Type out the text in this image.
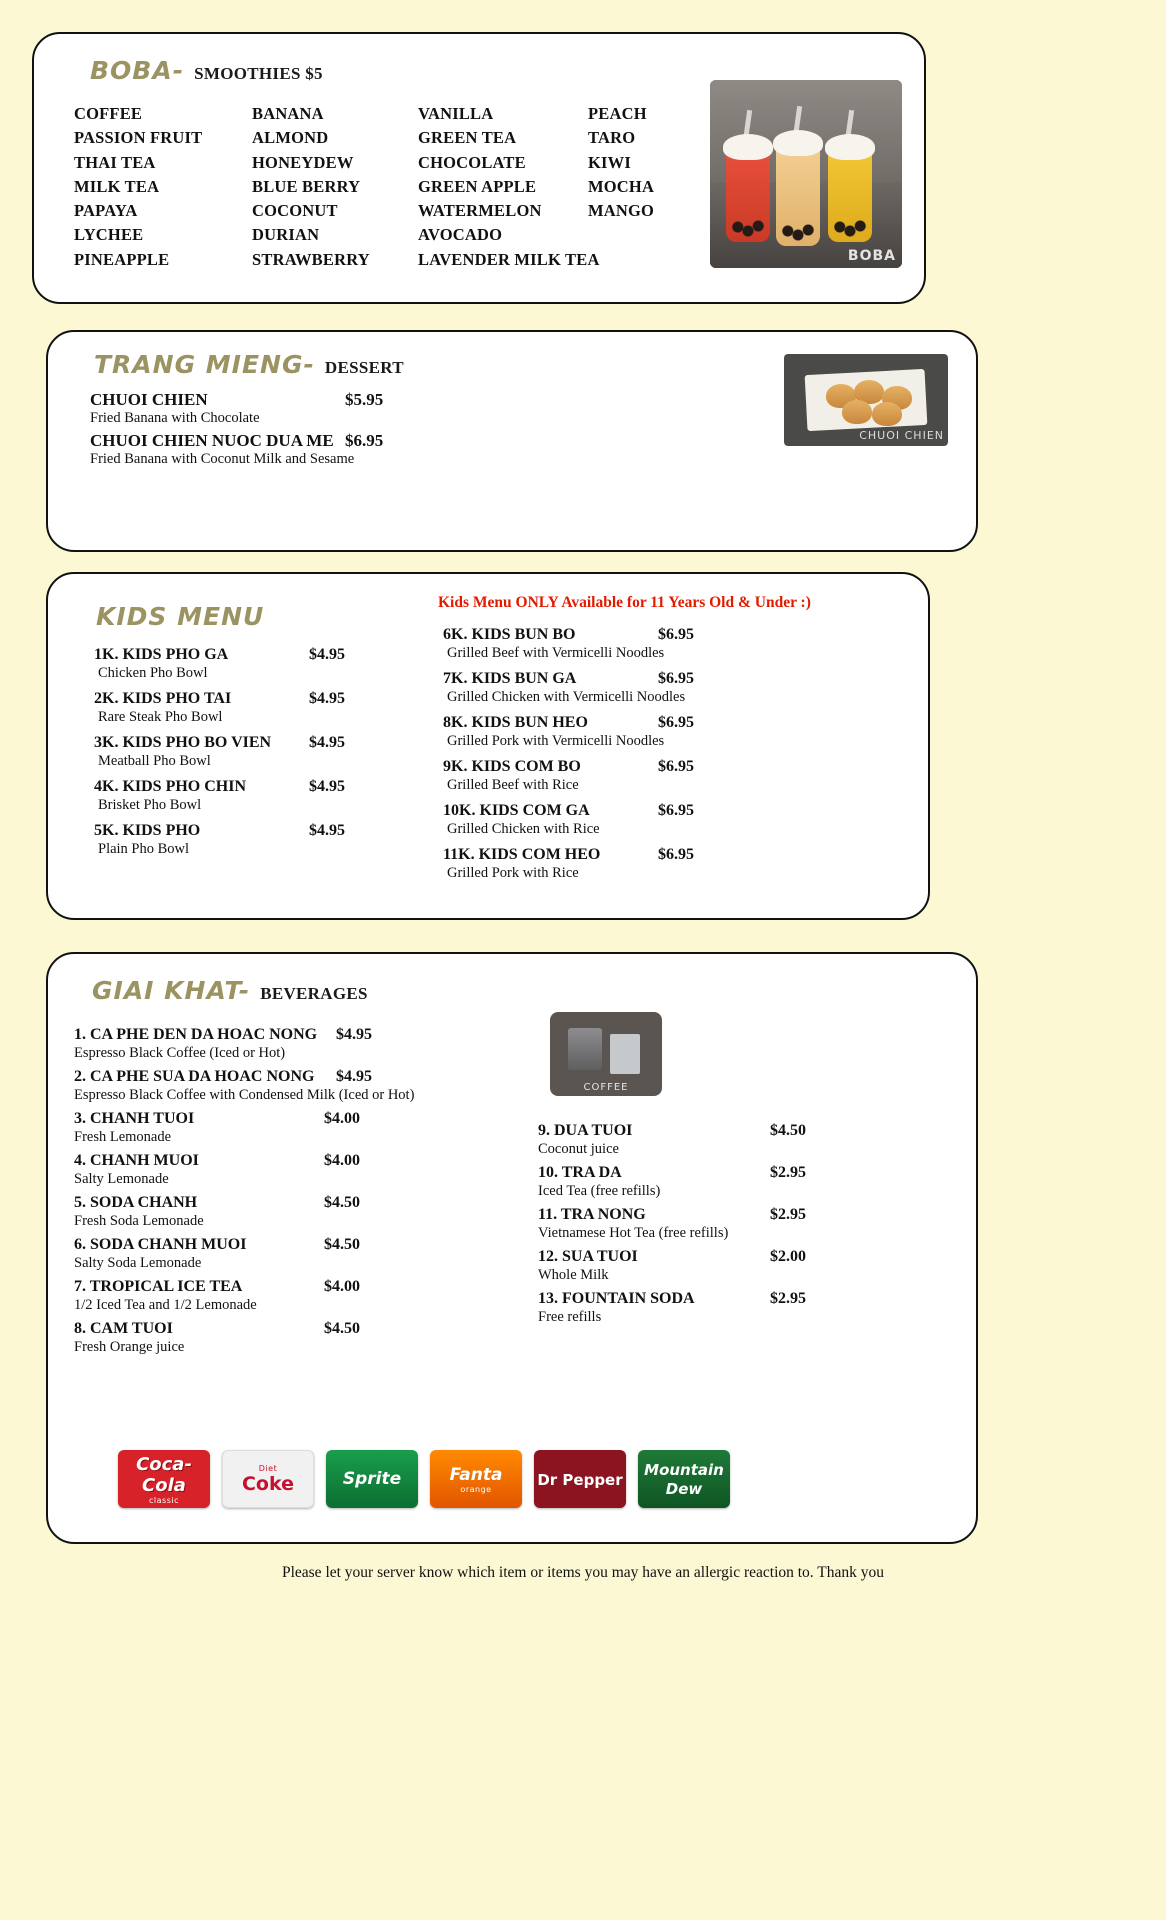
BOBA- SMOOTHIES $5
COFFEE	BANANA	VANILLA	PEACH
PASSION FRUIT	ALMOND	GREEN TEA	TARO
THAI TEA	HONEYDEW	CHOCOLATE	KIWI
MILK TEA	BLUE BERRY	GREEN APPLE	MOCHA
PAPAYA	COCONUT	WATERMELON	MANGO
LYCHEE	DURIAN	AVOCADO
PINEAPPLE	STRAWBERRY	LAVENDER MILK TEA	BOBA
TRANG MIENG- DESSERT
CHUOI CHIEN	$5.95

Fried Banana with Chocolate

CHUOI CHIEN NUOC DUA ME $6.95

Fried Banana with Coconut Milk and Sesame

CHUOI CHIEN
KIDS MENU	Kids Menu ONLY Available for 11 Years Old & Under :)
1K. KIDS PHO GA	$4.95

Chicken Pho Bowl

2K. KIDS PHO TAI	$4.95

Rare Steak Pho Bowl

3K. KIDS PHO BO VIEN	$4.95

Meatball Pho Bowl

4K. KIDS PHO CHIN	$4.95

Brisket Pho Bowl

5K. KIDS PHO	$4.95

Plain Pho Bowl

6K. KIDS BUN BO	$6.95

Grilled Beef with Vermicelli Noodles

7K. KIDS BUN GA	$6.95

Grilled Chicken with Vermicelli Noodles

8K. KIDS BUN HEO	$6.95

Grilled Pork with Vermicelli Noodles

9K. KIDS COM BO	$6.95

Grilled Beef with Rice

10K. KIDS COM GA	$6.95

Grilled Chicken with Rice

11K. KIDS COM HEO	$6.95

Grilled Pork with Rice

GIAI KHAT- BEVERAGES
1. CA PHE DEN DA HOAC NONG	$4.95

Espresso Black Coffee (Iced or Hot)

2. CA PHE SUA DA HOAC NONG	$4.95

Espresso Black Coffee with Condensed Milk (Iced or Hot)

3. CHANH TUOI	$4.00

Fresh Lemonade

4. CHANH MUOI	$4.00

Salty Lemonade

5. SODA CHANH	$4.50

Fresh Soda Lemonade

6. SODA CHANH MUOI	$4.50

Salty Soda Lemonade

7. TROPICAL ICE TEA	$4.00

1/2 Iced Tea and 1/2 Lemonade

8. CAM TUOI	$4.50

Fresh Orange juice

9. DUA TUOI	$4.50

Coconut juice

10. TRA DA	$2.95

Iced Tea (free refills)

11. TRA NONG	$2.95

Vietnamese Hot Tea (free refills)

12. SUA TUOI	$2.00

Whole Milk

13. FOUNTAIN SODA	$2.95

Free refills

COFFEE
Coca-Cola
classic
Diet
Coke	Sprite	Fanta
orange
Dr Pepper
Mountain Dew
Please let your server know which item or items you may have an allergic reaction to. Thank you
